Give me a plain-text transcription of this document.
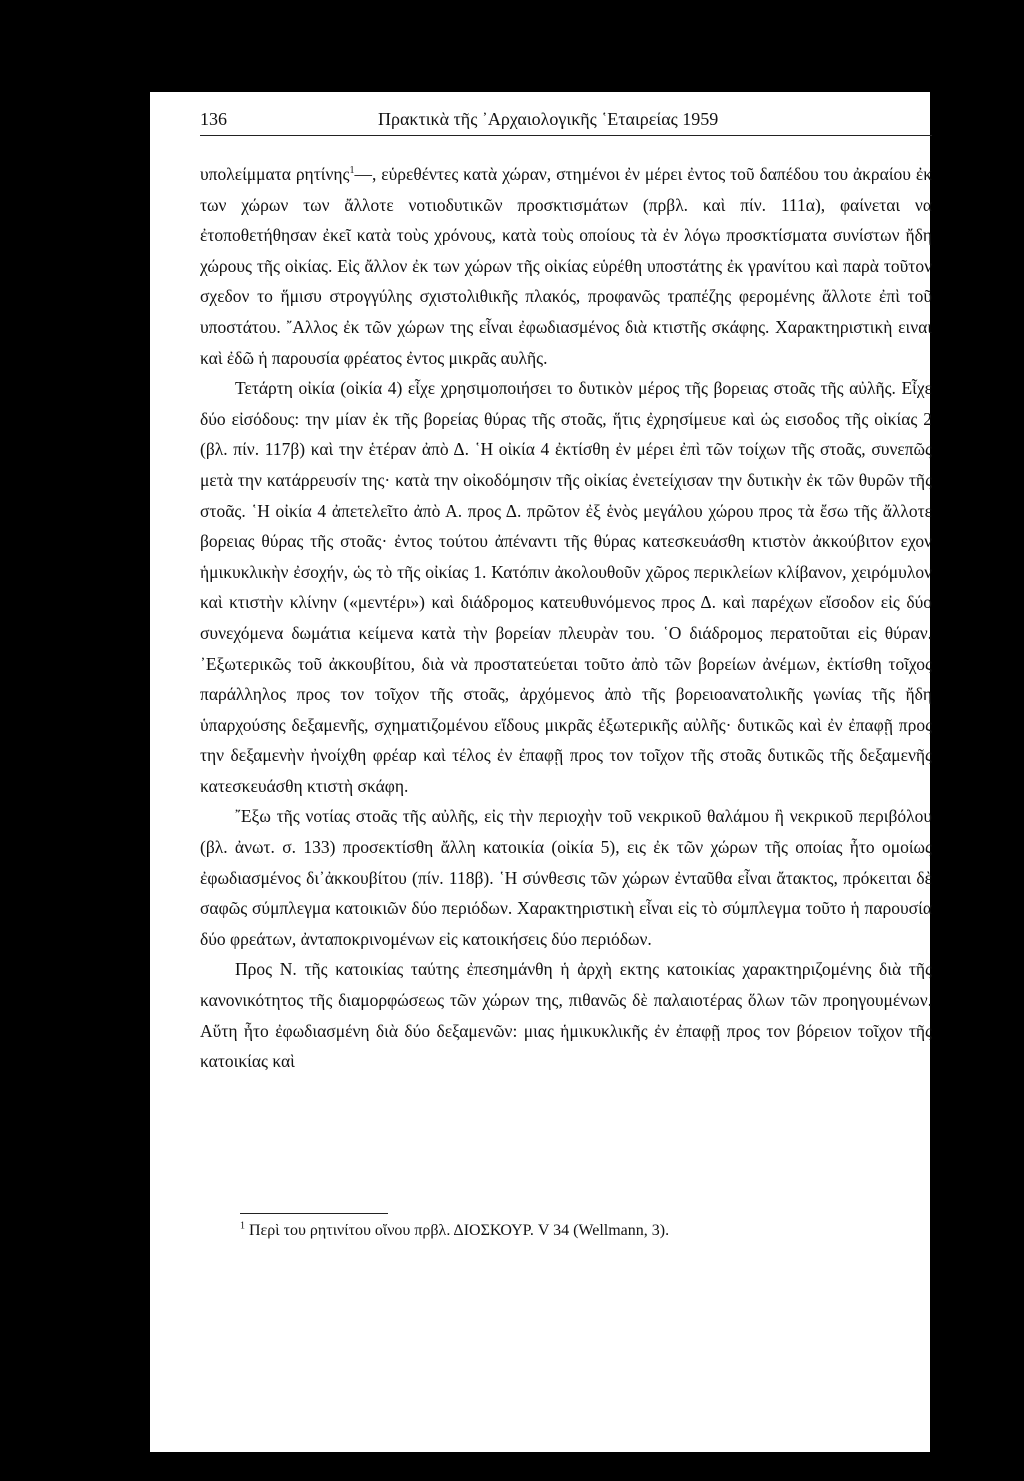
136	Πρακτικὰ τῆς ᾿Αρχαιολογικῆς ῾Εταιρείας 1959

υπολείμματα ρητίνης$^1$—, εὑρεθέντες κατὰ χώραν, στημένοι ἐν μέρει ἐντος τοῦ δαπέδου του ἀκραίου ἐκ των χώρων των ἄλλοτε νοτιοδυτικῶν προσκτισμάτων (πρβλ. καὶ πίν. 111α), φαίνεται να ἐτοποθετήθησαν ἐκεῖ κατὰ τοὺς χρόνους, κατὰ τοὺς οποίους τὰ ἐν λόγω προσκτίσματα συνίστων ἤδη χώρους τῆς οἰκίας. Εἰς ἄλλον ἐκ των χώρων τῆς οἰκίας εὑρέθη υποστάτης ἐκ γρανίτου καὶ παρὰ τοῦτον σχεδον το ἥμισυ στρογγύλης σχιστολιθικῆς πλακός, προφανῶς τραπέζης φερομένης ἄλλοτε ἐπὶ τοῦ υποστάτου. ῎Αλλος ἐκ τῶν χώρων της εἶναι ἐφωδιασμένος διὰ κτιστῆς σκάφης. Χαρακτηριστικὴ ειναι καὶ ἐδῶ ἡ παρουσία φρέατος ἐντος μικρᾶς αυλῆς.

Τετάρτη οἰκία (οἰκία 4) εἶχε χρησιμοποιήσει το δυτικὸν μέρος τῆς βορειας στοᾶς τῆς αὐλῆς. Εἶχε δύο εἰσόδους: την μίαν ἐκ τῆς βορείας θύρας τῆς στοᾶς, ἥτις ἐχρησίμευε καὶ ὡς εισοδος τῆς οἰκίας 2 (βλ. πίν. 117β) καὶ την ἑτέραν ἀπὸ Δ. ῾Η οἰκία 4 ἐκτίσθη ἐν μέρει ἐπὶ τῶν τοίχων τῆς στοᾶς, συνεπῶς μετὰ την κατάρρευσίν της· κατὰ την οἰκοδόμησιν τῆς οἰκίας ἐνετείχισαν την δυτικὴν ἐκ τῶν θυρῶν τῆς στοᾶς. ῾Η οἰκία 4 ἀπετελεῖτο ἀπὸ Α. προς Δ. πρῶτον ἐξ ἑνὸς μεγάλου χώρου προς τὰ ἔσω τῆς ἄλλοτε βορειας θύρας τῆς στοᾶς· ἐντος τούτου ἀπέναντι τῆς θύρας κατεσκευάσθη κτιστὸν ἀκκούβιτον εχον ἡμικυκλικὴν ἐσοχήν, ὡς τὸ τῆς οἰκίας 1. Κατόπιν ἀκολουθοῦν χῶρος περικλείων κλίβανον, χειρόμυλον καὶ κτιστὴν κλίνην («μεντέρι») καὶ διάδρομος κατευθυνόμενος προς Δ. καὶ παρέχων εἴσοδον εἰς δύο συνεχόμενα δωμάτια κείμενα κατὰ τὴν βορείαν πλευρὰν του. ῾Ο διάδρομος περατοῦται εἰς θύραν. ᾿Εξωτερικῶς τοῦ ἀκκουβίτου, διὰ νὰ προστατεύεται τοῦτο ἀπὸ τῶν βορείων ἀνέμων, ἐκτίσθη τοῖχος παράλληλος προς τον τοῖχον τῆς στοᾶς, ἀρχόμενος ἀπὸ τῆς βορειοανατολικῆς γωνίας τῆς ἤδη ὑπαρχούσης δεξαμενῆς, σχηματιζομένου εἴδους μικρᾶς ἐξωτερικῆς αὐλῆς· δυτικῶς καὶ ἐν ἐπαφῇ προς την δεξαμενὴν ἠνοίχθη φρέαρ καὶ τέλος ἐν ἐπαφῇ προς τον τοῖχον τῆς στοᾶς δυτικῶς τῆς δεξαμενῆς κατεσκευάσθη κτιστὴ σκάφη.

῎Εξω τῆς νοτίας στοᾶς τῆς αὐλῆς, εἰς τὴν περιοχὴν τοῦ νεκρικοῦ θαλάμου ἢ νεκρικοῦ περιβόλου (βλ. ἀνωτ. σ. 133) προσεκτίσθη ἄλλη κατοικία (οἰκία 5), εις ἐκ τῶν χώρων τῆς οποίας ἦτο ομοίως ἐφωδιασμένος δι᾽ἀκκουβίτου (πίν. 118β). ῾Η σύνθεσις τῶν χώρων ἐνταῦθα εἶναι ἄτακτος, πρόκειται δὲ σαφῶς σύμπλεγμα κατοικιῶν δύο περιόδων. Χαρακτηριστικὴ εἶναι εἰς τὸ σύμπλεγμα τοῦτο ἡ παρουσία δύο φρεάτων, ἀνταποκρινομένων εἰς κατοικήσεις δύο περιόδων.

Προς Ν. τῆς κατοικίας ταύτης ἐπεσημάνθη ἡ ἀρχὴ εκτης κατοικίας χαρακτηριζομένης διὰ τῆς κανονικότητος τῆς διαμορφώσεως τῶν χώρων της, πιθανῶς δὲ παλαιοτέρας ὅλων τῶν προηγουμένων. Αὕτη ἦτο ἐφωδιασμένη διὰ δύο δεξαμενῶν: μιας ἡμικυκλικῆς ἐν ἐπαφῇ προς τον βόρειον τοῖχον τῆς κατοικίας καὶ

$^1$ Περὶ του ρητινίτου οἴνου πρβλ. ΔΙΟΣΚΟΥΡ. V 34 (Wellmann, 3).
